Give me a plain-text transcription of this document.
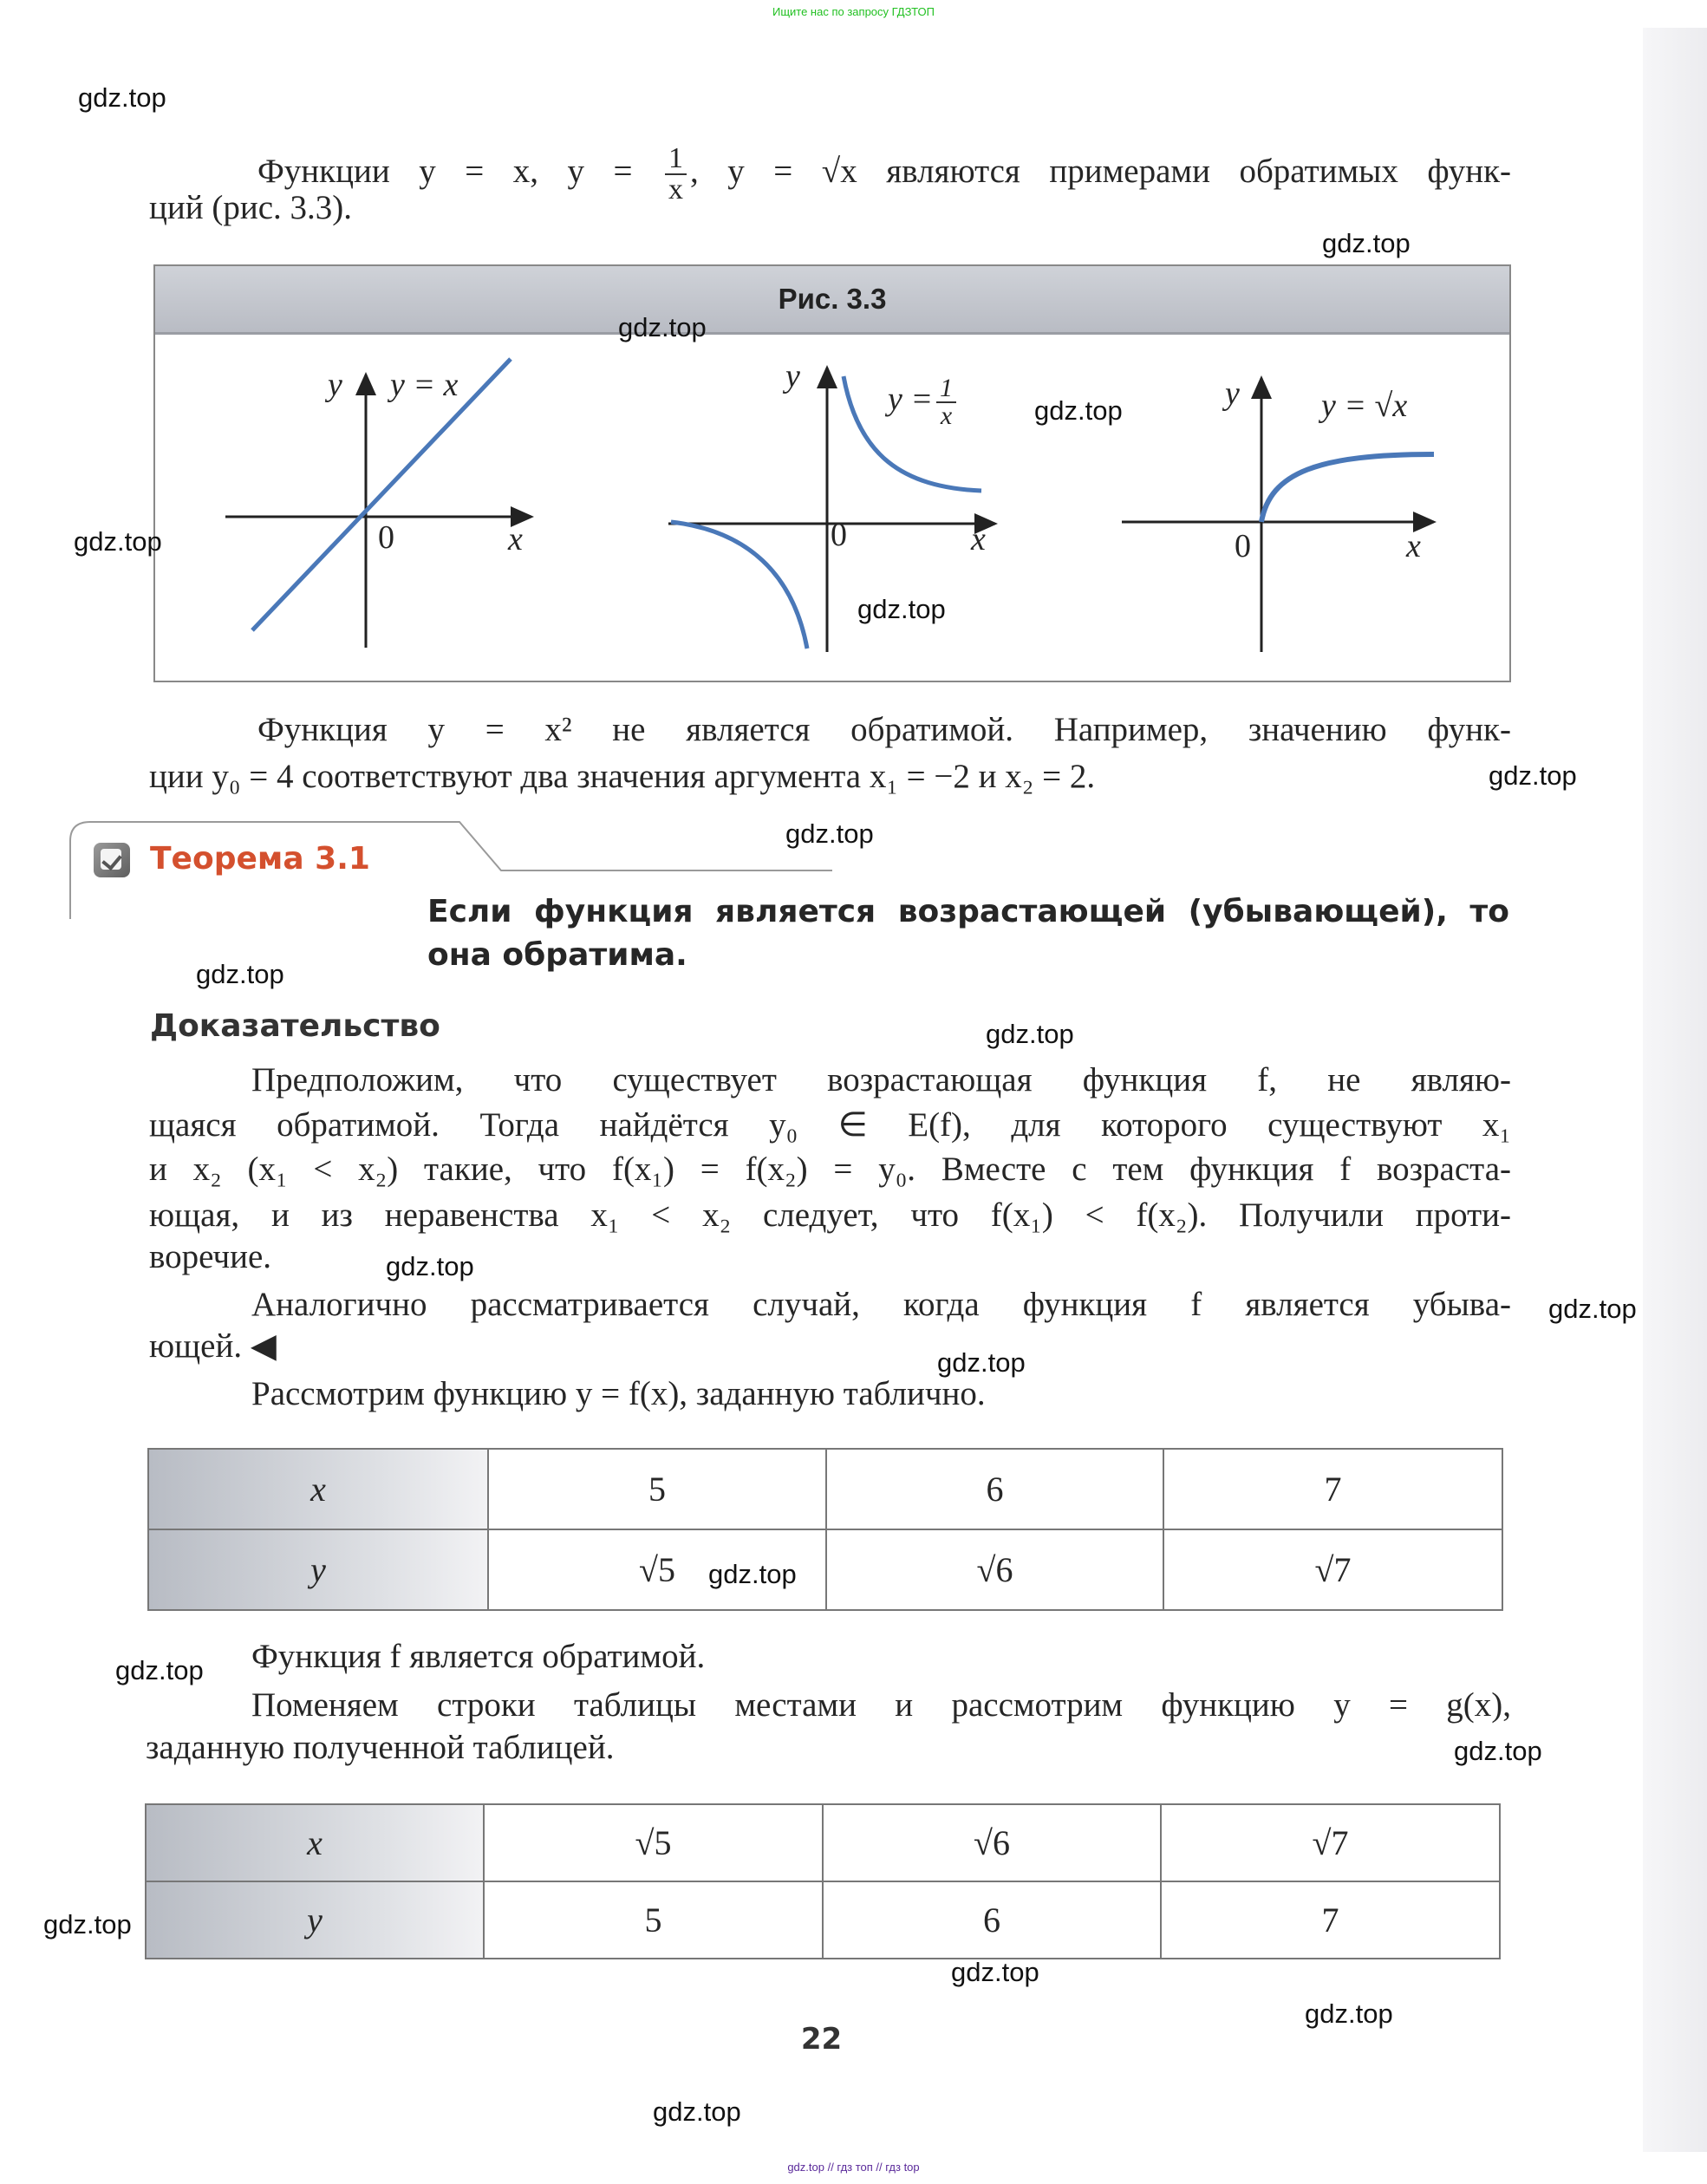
Ищите нас по запросу ГДЗТОП
Функции y = x, $y = \frac{1}{x}$ , y = √x являются примерами обратимых функ-
ций (рис. 3.3).
Рис. 3.3
y y = x
0	x
y
$y = \frac{1}{x}$
0	x
y y = √x
0	x
Функция y = x² не является обратимой. Например, значению функ-
ции y₀ = 4 соответствуют два значения аргумента x₁ = −2 и x₂ = 2.
Теорема 3.1
Если функция является возрастающей (убывающей), то
она обратима.
Доказательство
Предположим, что существует возрастающая функция f, не являю-
щаяся обратимой. Тогда найдётся y₀ ∈ E(f), для которого существуют x₁
и x₂ (x₁ < x₂) такие, что f(x₁) = f(x₂) = y₀. Вместе с тем функция f возраста-
ющая, и из неравенства x₁ < x₂ следует, что f(x₁) < f(x₂). Получили проти-
воречие.
Аналогично рассматривается случай, когда функция f является убыва-
ющей. ◀
Рассмотрим функцию y = f(x), заданную таблично.
x	5	6	7
y	√5	√6	√7
Функция f является обратимой.
Поменяем строки таблицы местами и рассмотрим функцию y = g(x),
заданную полученной таблицей.
x	√5	√6	√7
y	5	6	7
22
gdz.top
gdz.top
gdz.top
gdz.top
gdz.top
gdz.top
gdz.top
gdz.top
gdz.top
gdz.top
gdz.top
gdz.top
gdz.top
gdz.top
gdz.top
gdz.top
gdz.top
gdz.top
gdz.top
gdz.top
gdz.top // гдз топ // гдз top
